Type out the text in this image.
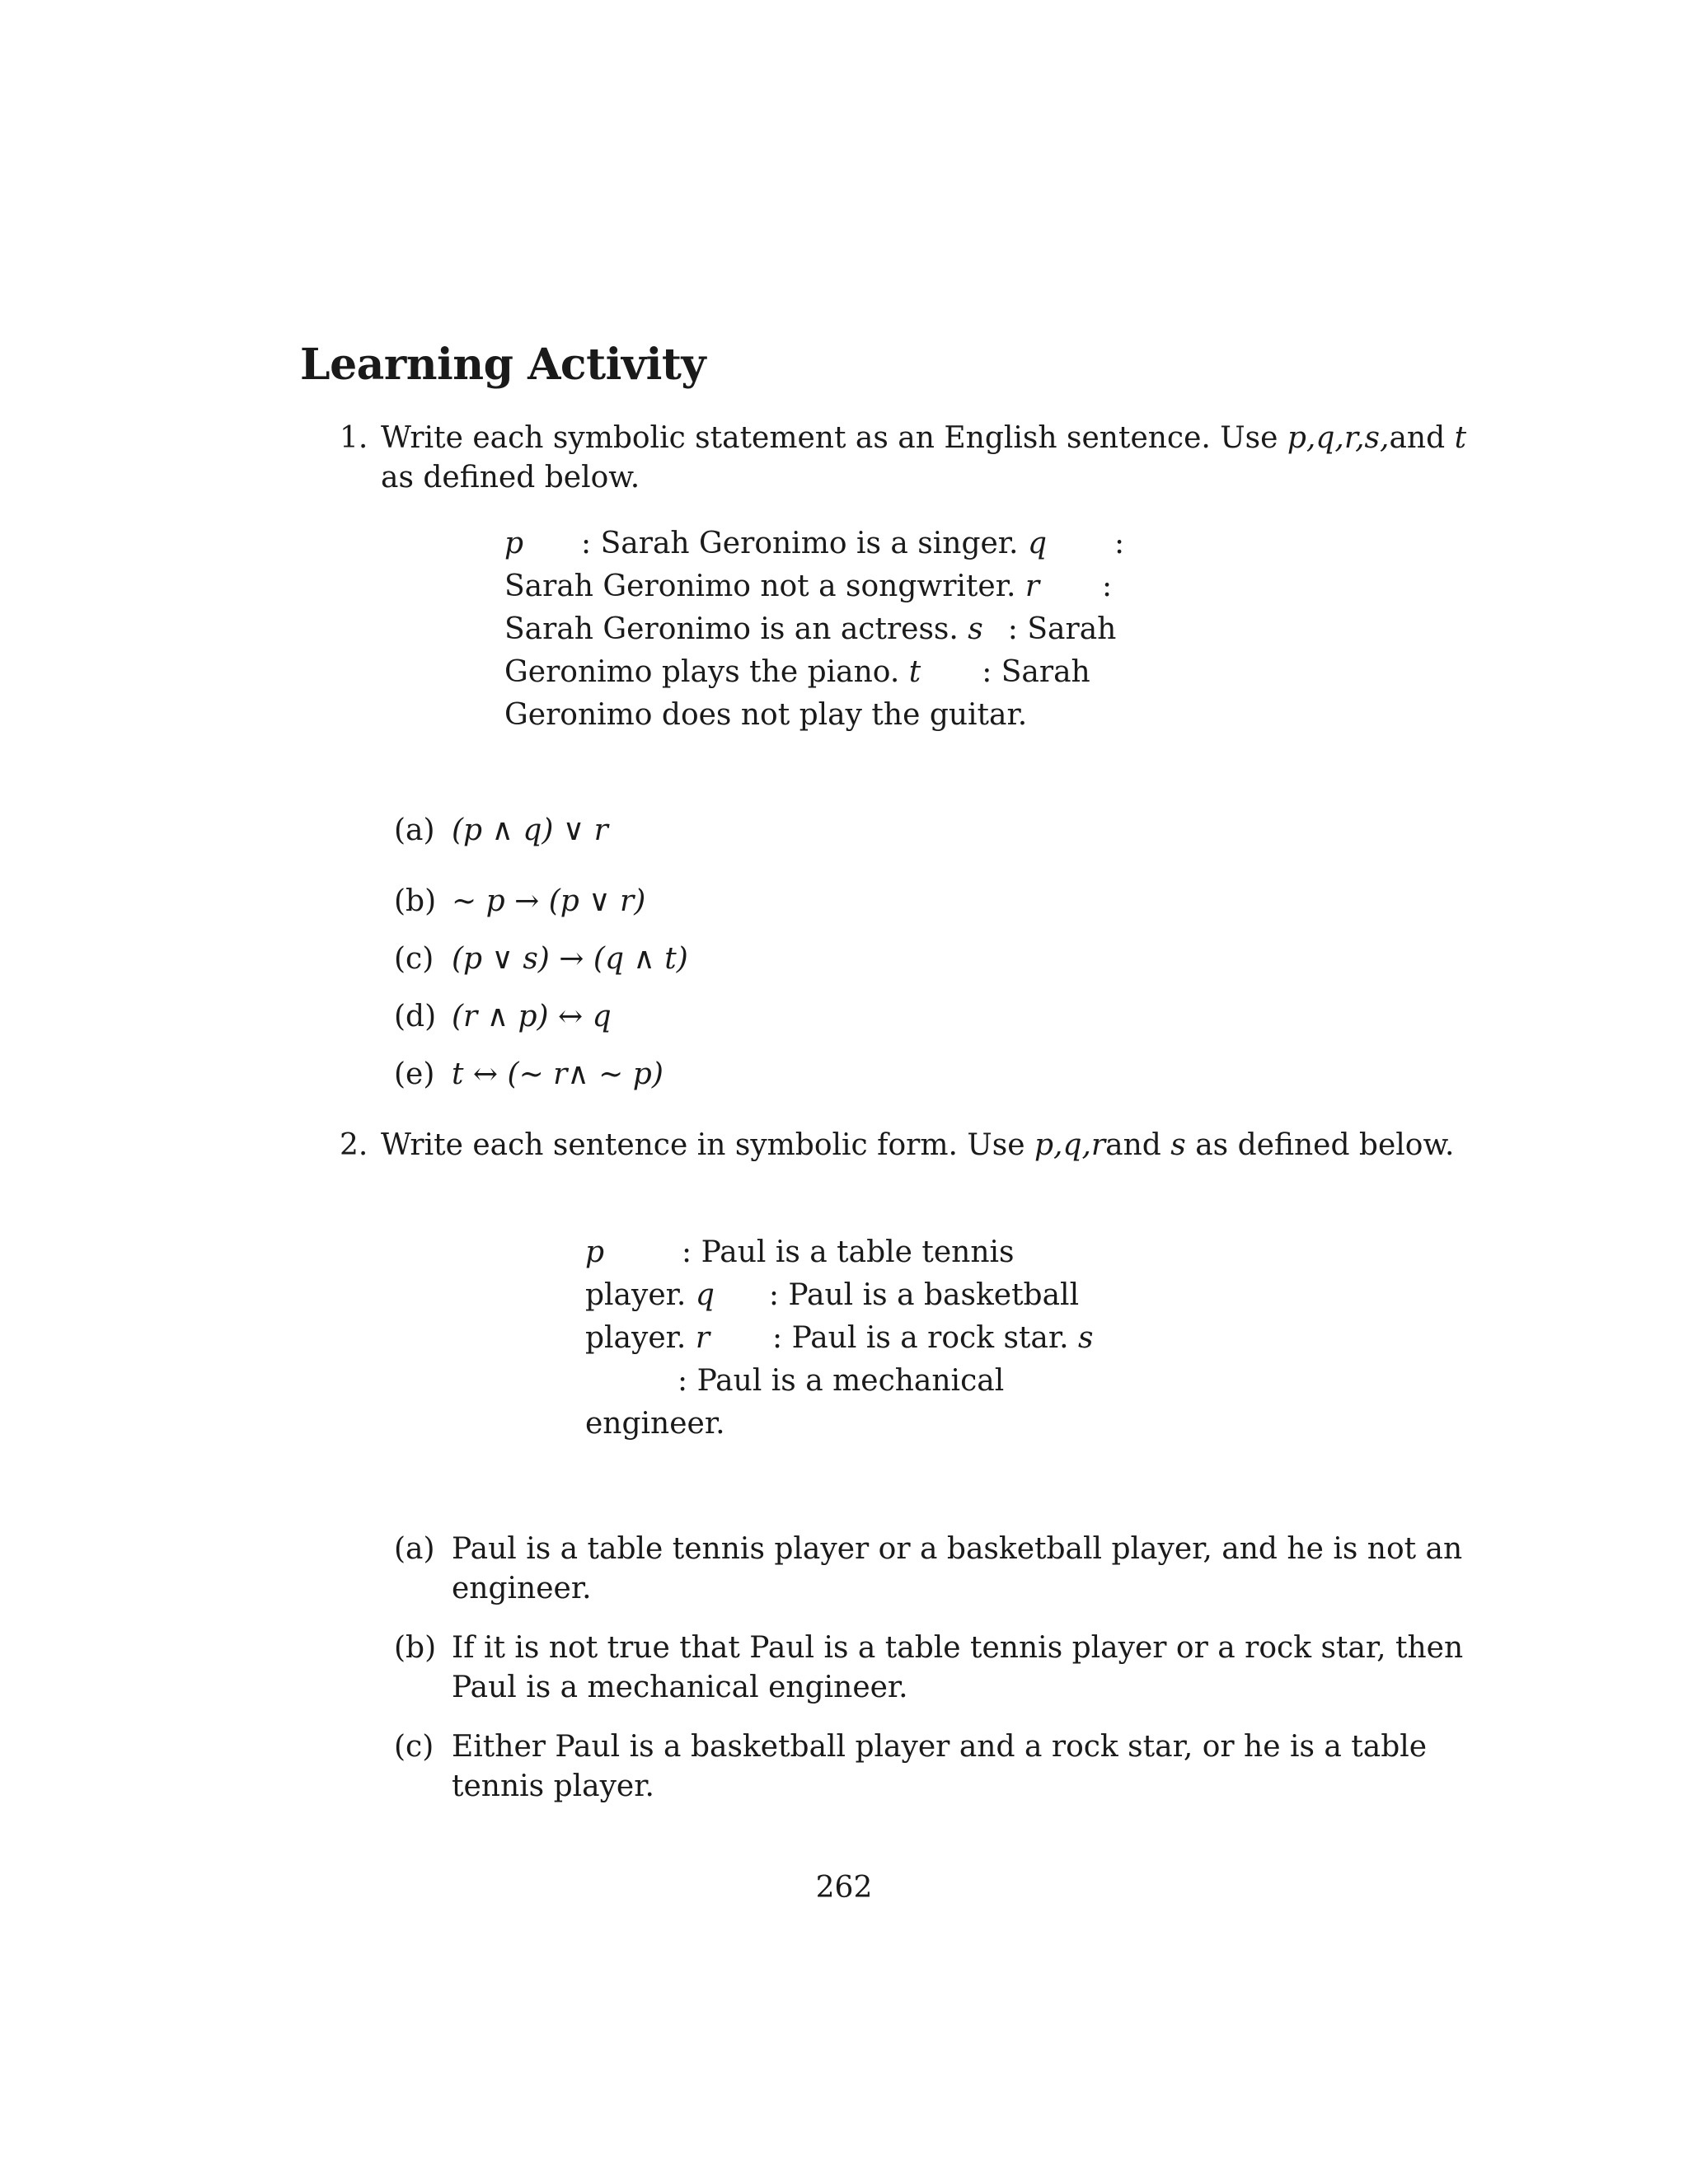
Learning Activity
1. Write each symbolic statement as an English sentence. Use p,q,r,s,and t
as defined below.
p : Sarah Geronimo is a singer. q :
Sarah Geronimo not a songwriter. r :
Sarah Geronimo is an actress. s : Sarah
Geronimo plays the piano. t : Sarah
Geronimo does not play the guitar.
(a) (p ∧ q) ∨ r
(b) ~ p → (p ∨ r)
(c) (p ∨ s) → (q ∧ t)
(d) (r ∧ p) ↔ q
(e) t ↔ (~ r∧ ~ p)
2. Write each sentence in symbolic form. Use p,q,rand s as defined below.
p	: Paul is a table tennis
player. q : Paul is a basketball
player. r : Paul is a rock star. s
: Paul is a mechanical
engineer.
(a) Paul is a table tennis player or a basketball player, and he is not an
engineer.
(b) If it is not true that Paul is a table tennis player or a rock star, then
Paul is a mechanical engineer.
(c) Either Paul is a basketball player and a rock star, or he is a table
tennis player.
262
